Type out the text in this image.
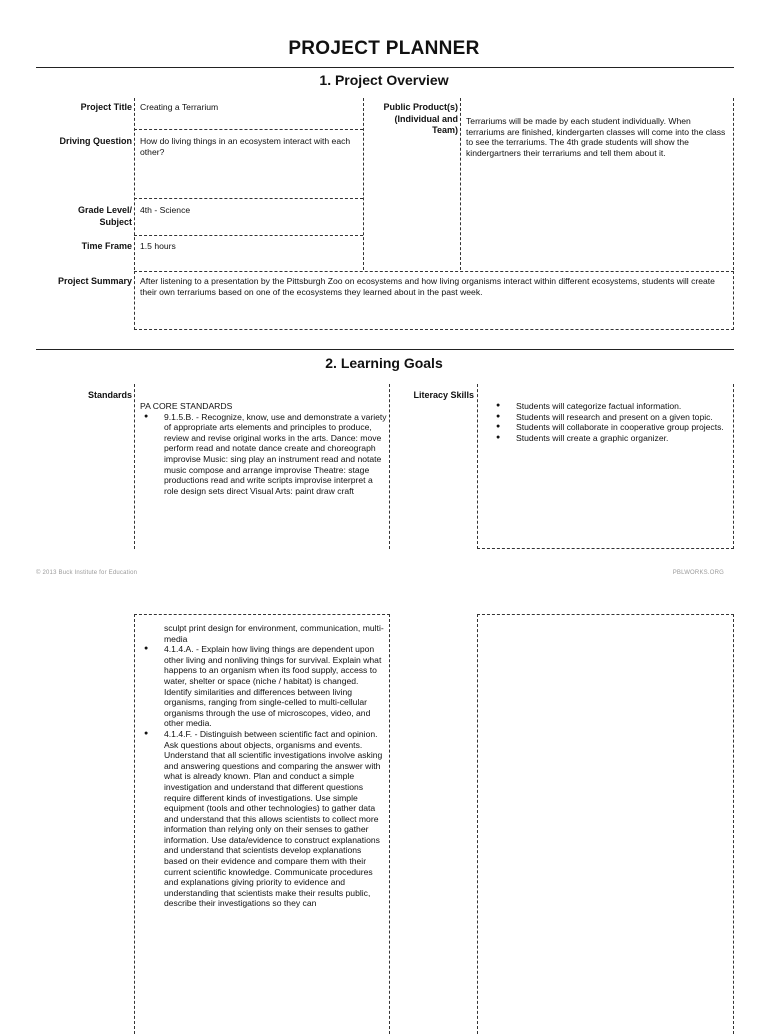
PROJECT PLANNER
1. Project Overview
Project Title
Driving Question
Grade Level/
Subject
Time Frame
Creating a Terrarium
How do living things in an ecosystem interact with each other?
4th - Science
1.5 hours
Public Product(s)
(Individual and
Team)
Terrariums will be made by each student individually. When terrariums are finished, kindergarten classes will come into the class to see the terrariums. The 4th grade students will show the kindergartners their terrariums and tell them about it.
Project Summary After listening to a presentation by the Pittsburgh Zoo on ecosystems and how living organisms interact within different ecosystems, students will create their own terrariums based on one of the ecosystems they learned about in the past week.
2. Learning Goals
Standards
PA CORE STANDARDS
● 9.1.5.B. - Recognize, know, use and demonstrate a variety of appropriate arts elements and principles to produce, review and revise original works in the arts. Dance: move perform read and notate dance create and choreograph improvise Music: sing play an instrument read and notate music compose and arrange improvise Theatre: stage productions read and write scripts improvise interpret a role design sets direct Visual Arts: paint draw craft
Literacy Skills
● Students will categorize factual information.
● Students will research and present on a given topic.
● Students will collaborate in cooperative group projects.
● Students will create a graphic organizer.
© 2013 Buck Institute for Education	PBLWORKS.ORG
sculpt print design for environment, communication, multi-media
● 4.1.4.A. - Explain how living things are dependent upon other living and nonliving things for survival. Explain what happens to an organism when its food supply, access to water, shelter or space (niche / habitat) is changed. Identify similarities and differences between living organisms, ranging from single-celled to multi-cellular organisms through the use of microscopes, video, and other media.
● 4.1.4.F. - Distinguish between scientific fact and opinion. Ask questions about objects, organisms and events. Understand that all scientific investigations involve asking and answering questions and comparing the answer with what is already known. Plan and conduct a simple investigation and understand that different questions require different kinds of investigations. Use simple equipment (tools and other technologies) to gather data and understand that this allows scientists to collect more information than relying only on their senses to gather information. Use data/evidence to construct explanations and understand that scientists develop explanations based on their evidence and compare them with their current scientific knowledge. Communicate procedures and explanations giving priority to evidence and understanding that scientists make their results public, describe their investigations so they can
